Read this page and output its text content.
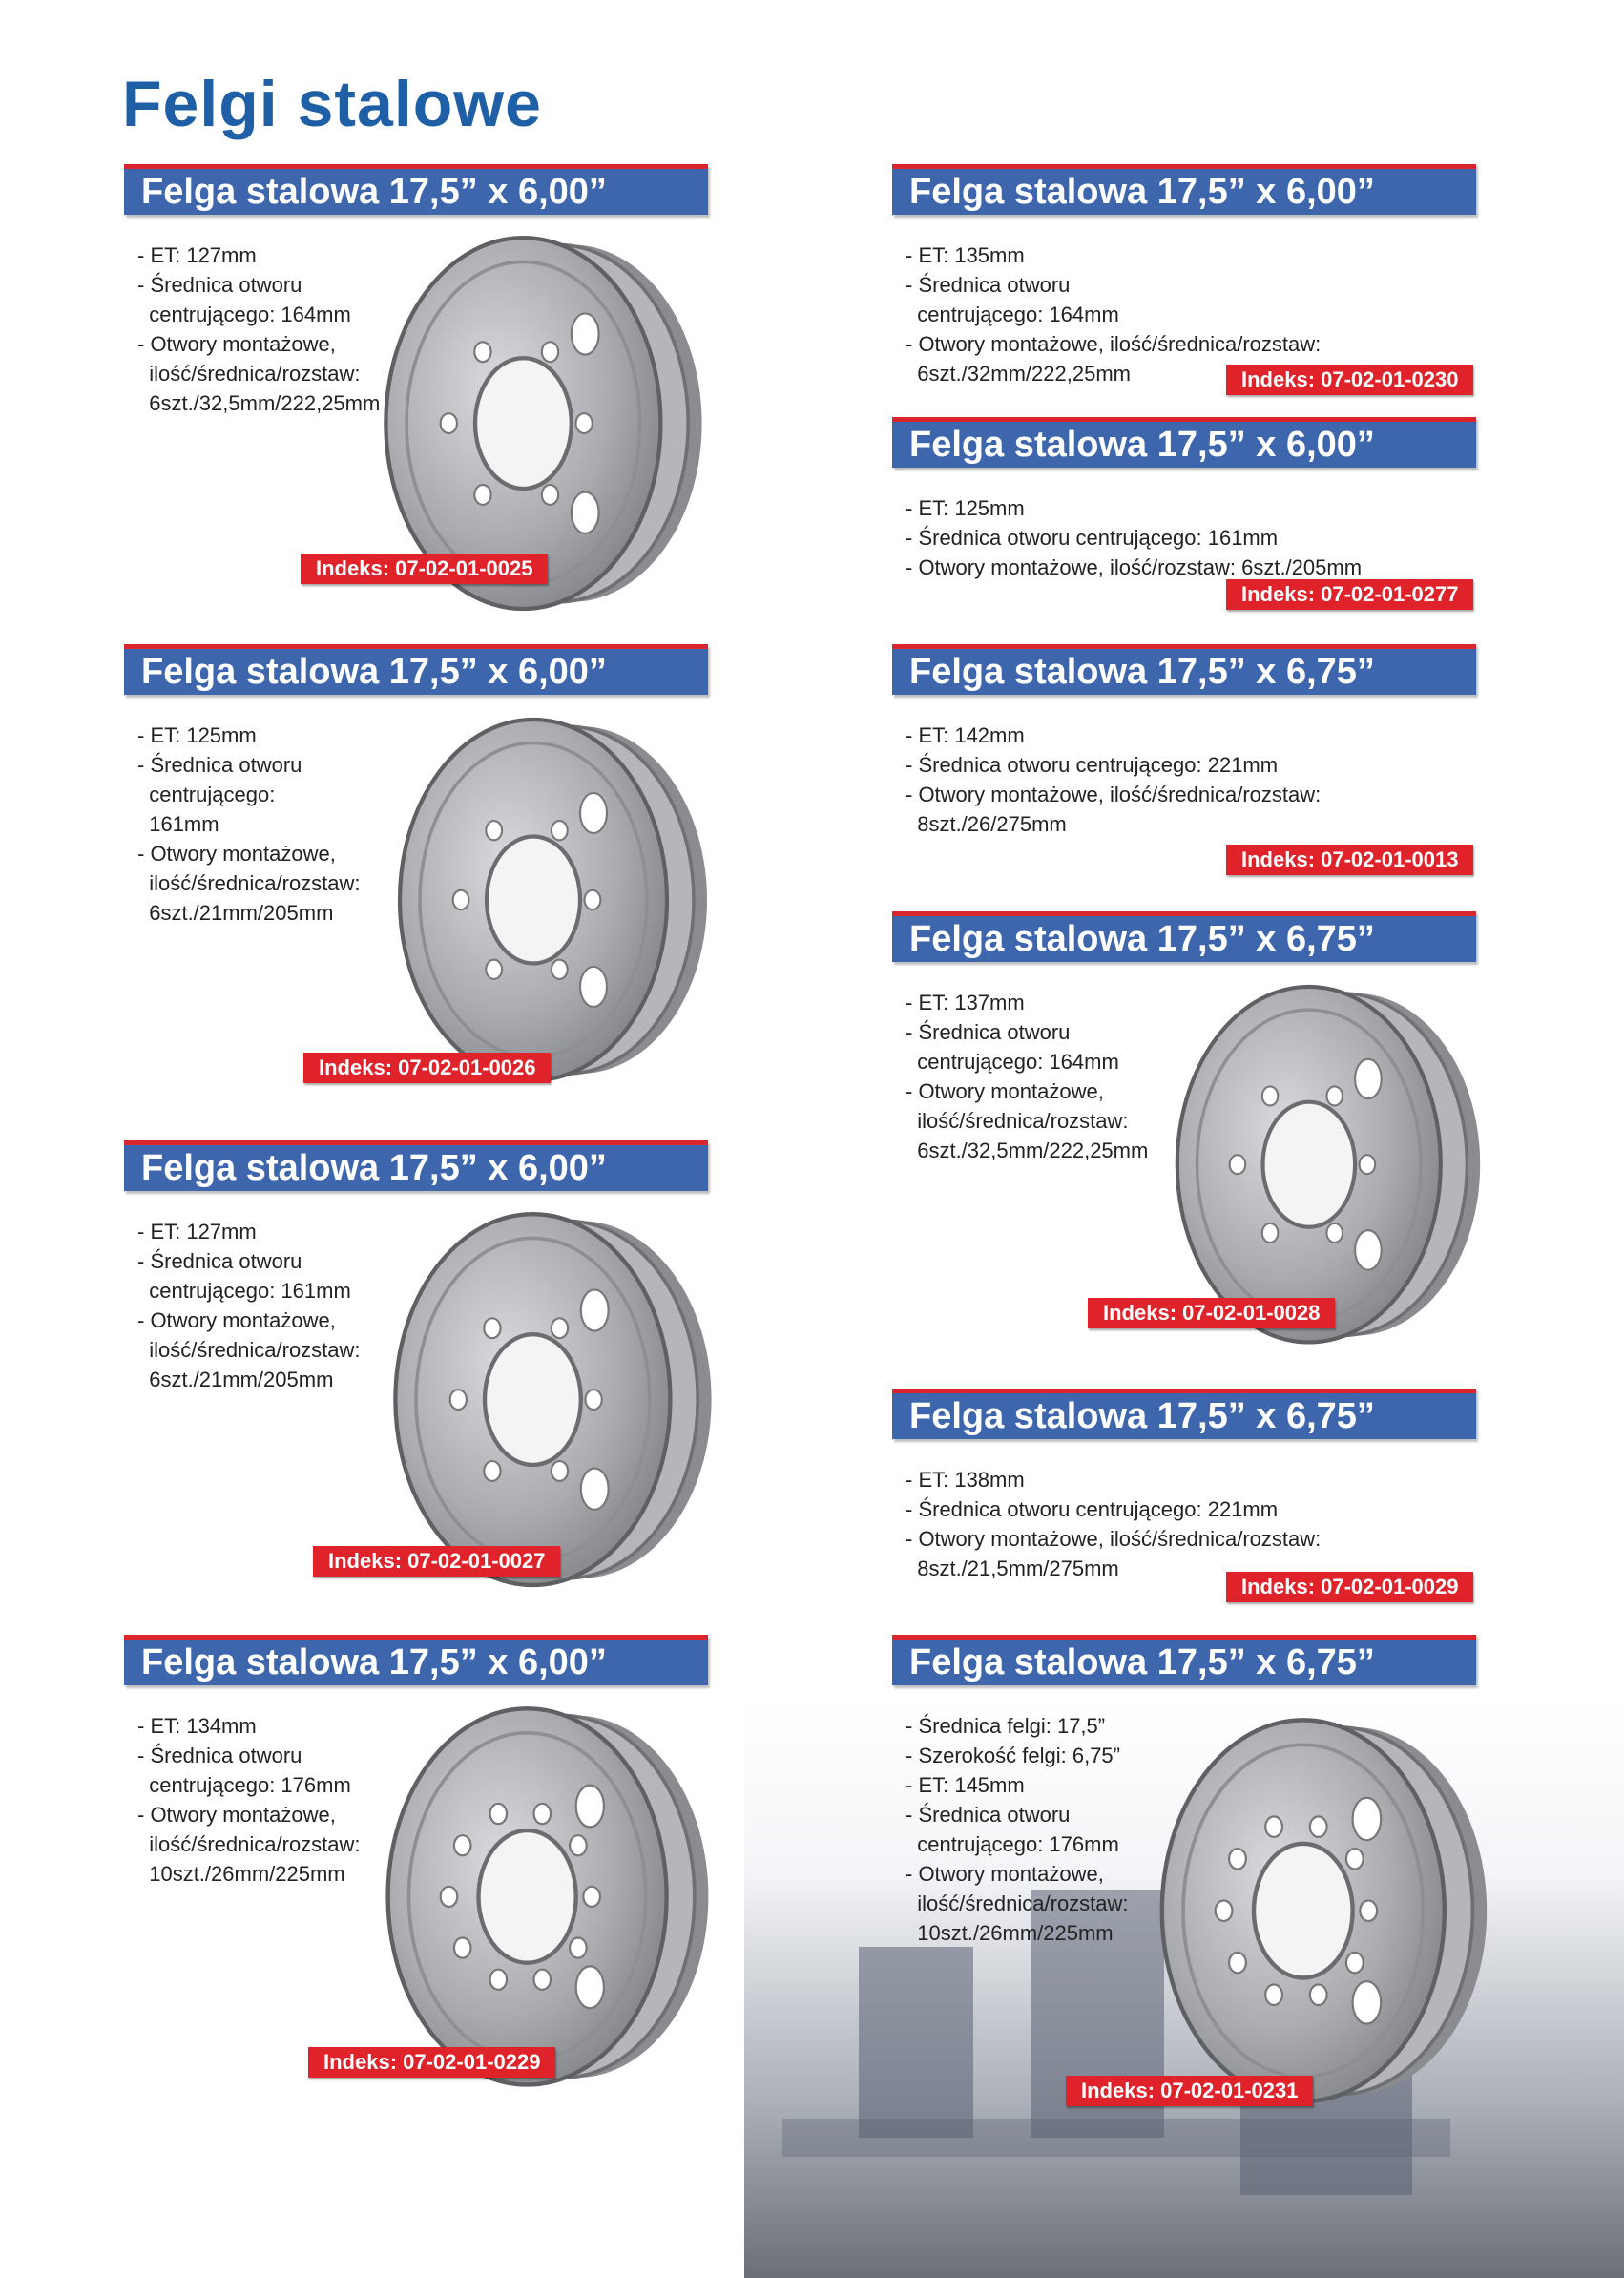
Felgi stalowe
Felga stalowa 17,5” x 6,00”
- ET: 127mm
- Średnica otworu
centrującego: 164mm
- Otwory montażowe,
ilość/średnica/rozstaw:
6szt./32,5mm/222,25mm
Indeks: 07-02-01-0025
Felga stalowa 17,5” x 6,00”
- ET: 135mm
- Średnica otworu
centrującego: 164mm
- Otwory montażowe, ilość/średnica/rozstaw:
6szt./32mm/222,25mm	Indeks: 07-02-01-0230
Felga stalowa 17,5” x 6,00”
- ET: 125mm
- Średnica otworu centrującego: 161mm
- Otwory montażowe, ilość/rozstaw: 6szt./205mm
Indeks: 07-02-01-0277
Felga stalowa 17,5” x 6,00”
- ET: 125mm
- Średnica otworu
centrującego:
161mm
- Otwory montażowe,
ilość/średnica/rozstaw:
6szt./21mm/205mm
Indeks: 07-02-01-0026
Felga stalowa 17,5” x 6,75”
- ET: 142mm
- Średnica otworu centrującego: 221mm
- Otwory montażowe, ilość/średnica/rozstaw:
8szt./26/275mm
Indeks: 07-02-01-0013
Felga stalowa 17,5” x 6,75”
- ET: 137mm
- Średnica otworu
centrującego: 164mm
- Otwory montażowe,
ilość/średnica/rozstaw:
6szt./32,5mm/222,25mm
Indeks: 07-02-01-0028
Felga stalowa 17,5” x 6,00”
- ET: 127mm
- Średnica otworu
centrującego: 161mm
- Otwory montażowe,
ilość/średnica/rozstaw:
6szt./21mm/205mm
Indeks: 07-02-01-0027
Felga stalowa 17,5” x 6,75”
- ET: 138mm
- Średnica otworu centrującego: 221mm
- Otwory montażowe, ilość/średnica/rozstaw:
8szt./21,5mm/275mm
Indeks: 07-02-01-0029
Felga stalowa 17,5” x 6,00”
- ET: 134mm
- Średnica otworu
centrującego: 176mm
- Otwory montażowe,
ilość/średnica/rozstaw:
10szt./26mm/225mm
Indeks: 07-02-01-0229
Felga stalowa 17,5” x 6,75”
- Średnica felgi: 17,5”
- Szerokość felgi: 6,75”
- ET: 145mm
- Średnica otworu
centrującego: 176mm
- Otwory montażowe,
ilość/średnica/rozstaw:
10szt./26mm/225mm
Indeks: 07-02-01-0231
